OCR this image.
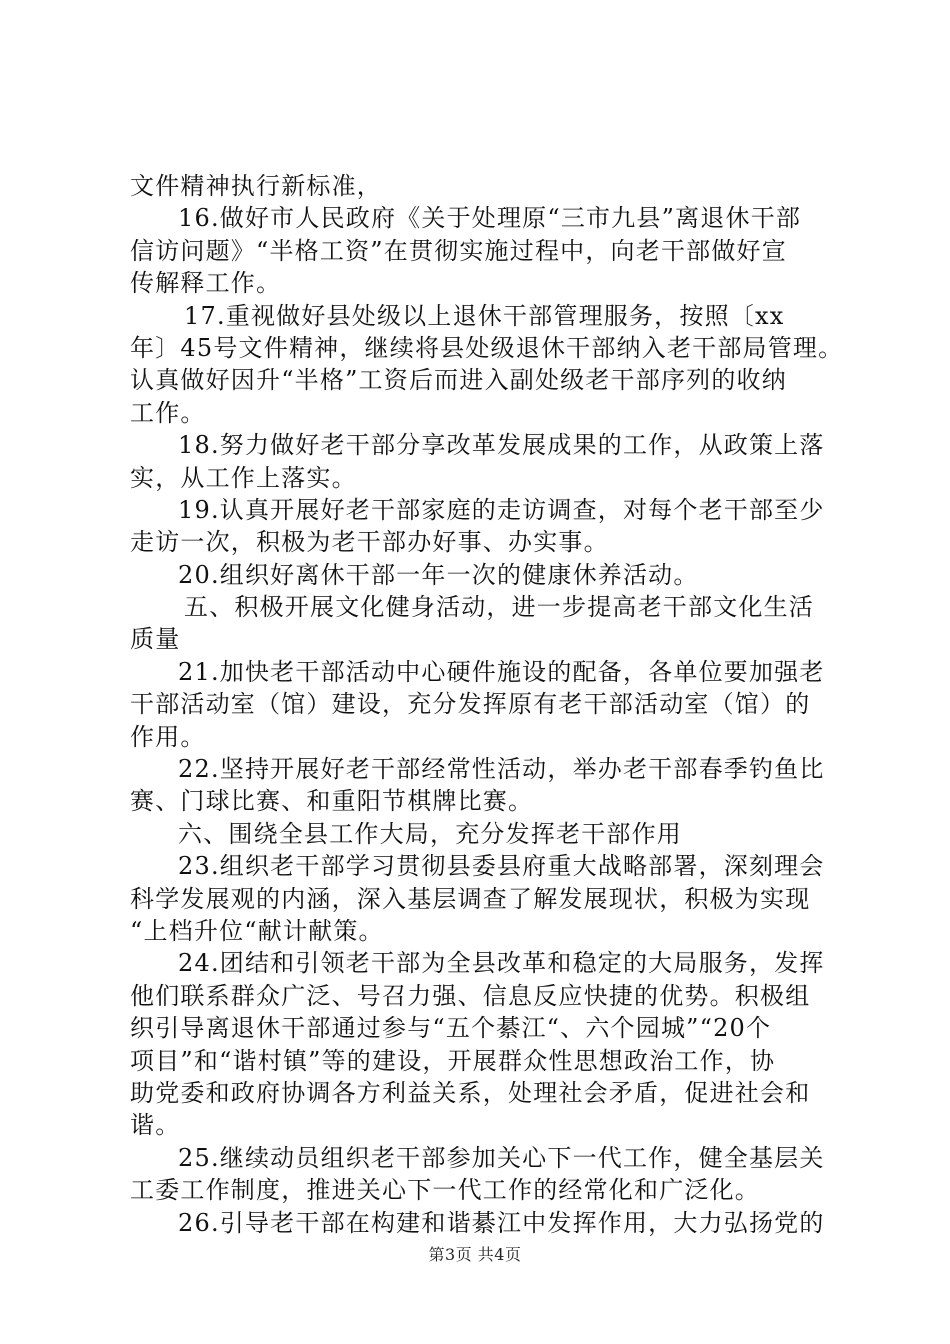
文件精神执行新标准，
16.做好市人民政府《关于处理原“三市九县”离退休干部
信访问题》“半格工资”在贯彻实施过程中，向老干部做好宣
传解释工作。
17.重视做好县处级以上退休干部管理服务，按照〔xx
年〕45号文件精神，继续将县处级退休干部纳入老干部局管理。
认真做好因升“半格”工资后而进入副处级老干部序列的收纳
工作。
18.努力做好老干部分享改革发展成果的工作，从政策上落
实，从工作上落实。
19.认真开展好老干部家庭的走访调查，对每个老干部至少
走访一次，积极为老干部办好事、办实事。
20.组织好离休干部一年一次的健康休养活动。
五、积极开展文化健身活动，进一步提高老干部文化生活
质量
21.加快老干部活动中心硬件施设的配备，各单位要加强老
干部活动室（馆）建设，充分发挥原有老干部活动室（馆）的
作用。
22.坚持开展好老干部经常性活动，举办老干部春季钓鱼比
赛、门球比赛、和重阳节棋牌比赛。
六、围绕全县工作大局，充分发挥老干部作用
23.组织老干部学习贯彻县委县府重大战略部署，深刻理会
科学发展观的内涵，深入基层调查了解发展现状，积极为实现
“上档升位“献计献策。
24.团结和引领老干部为全县改革和稳定的大局服务，发挥
他们联系群众广泛、号召力强、信息反应快捷的优势。积极组
织引导离退休干部通过参与“五个綦江“、六个园城”“20个
项目”和“谐村镇”等的建设，开展群众性思想政治工作，协
助党委和政府协调各方利益关系，处理社会矛盾，促进社会和
谐。
25.继续动员组织老干部参加关心下一代工作，健全基层关
工委工作制度，推进关心下一代工作的经常化和广泛化。
26.引导老干部在构建和谐綦江中发挥作用，大力弘扬党的
第3页 共4页
